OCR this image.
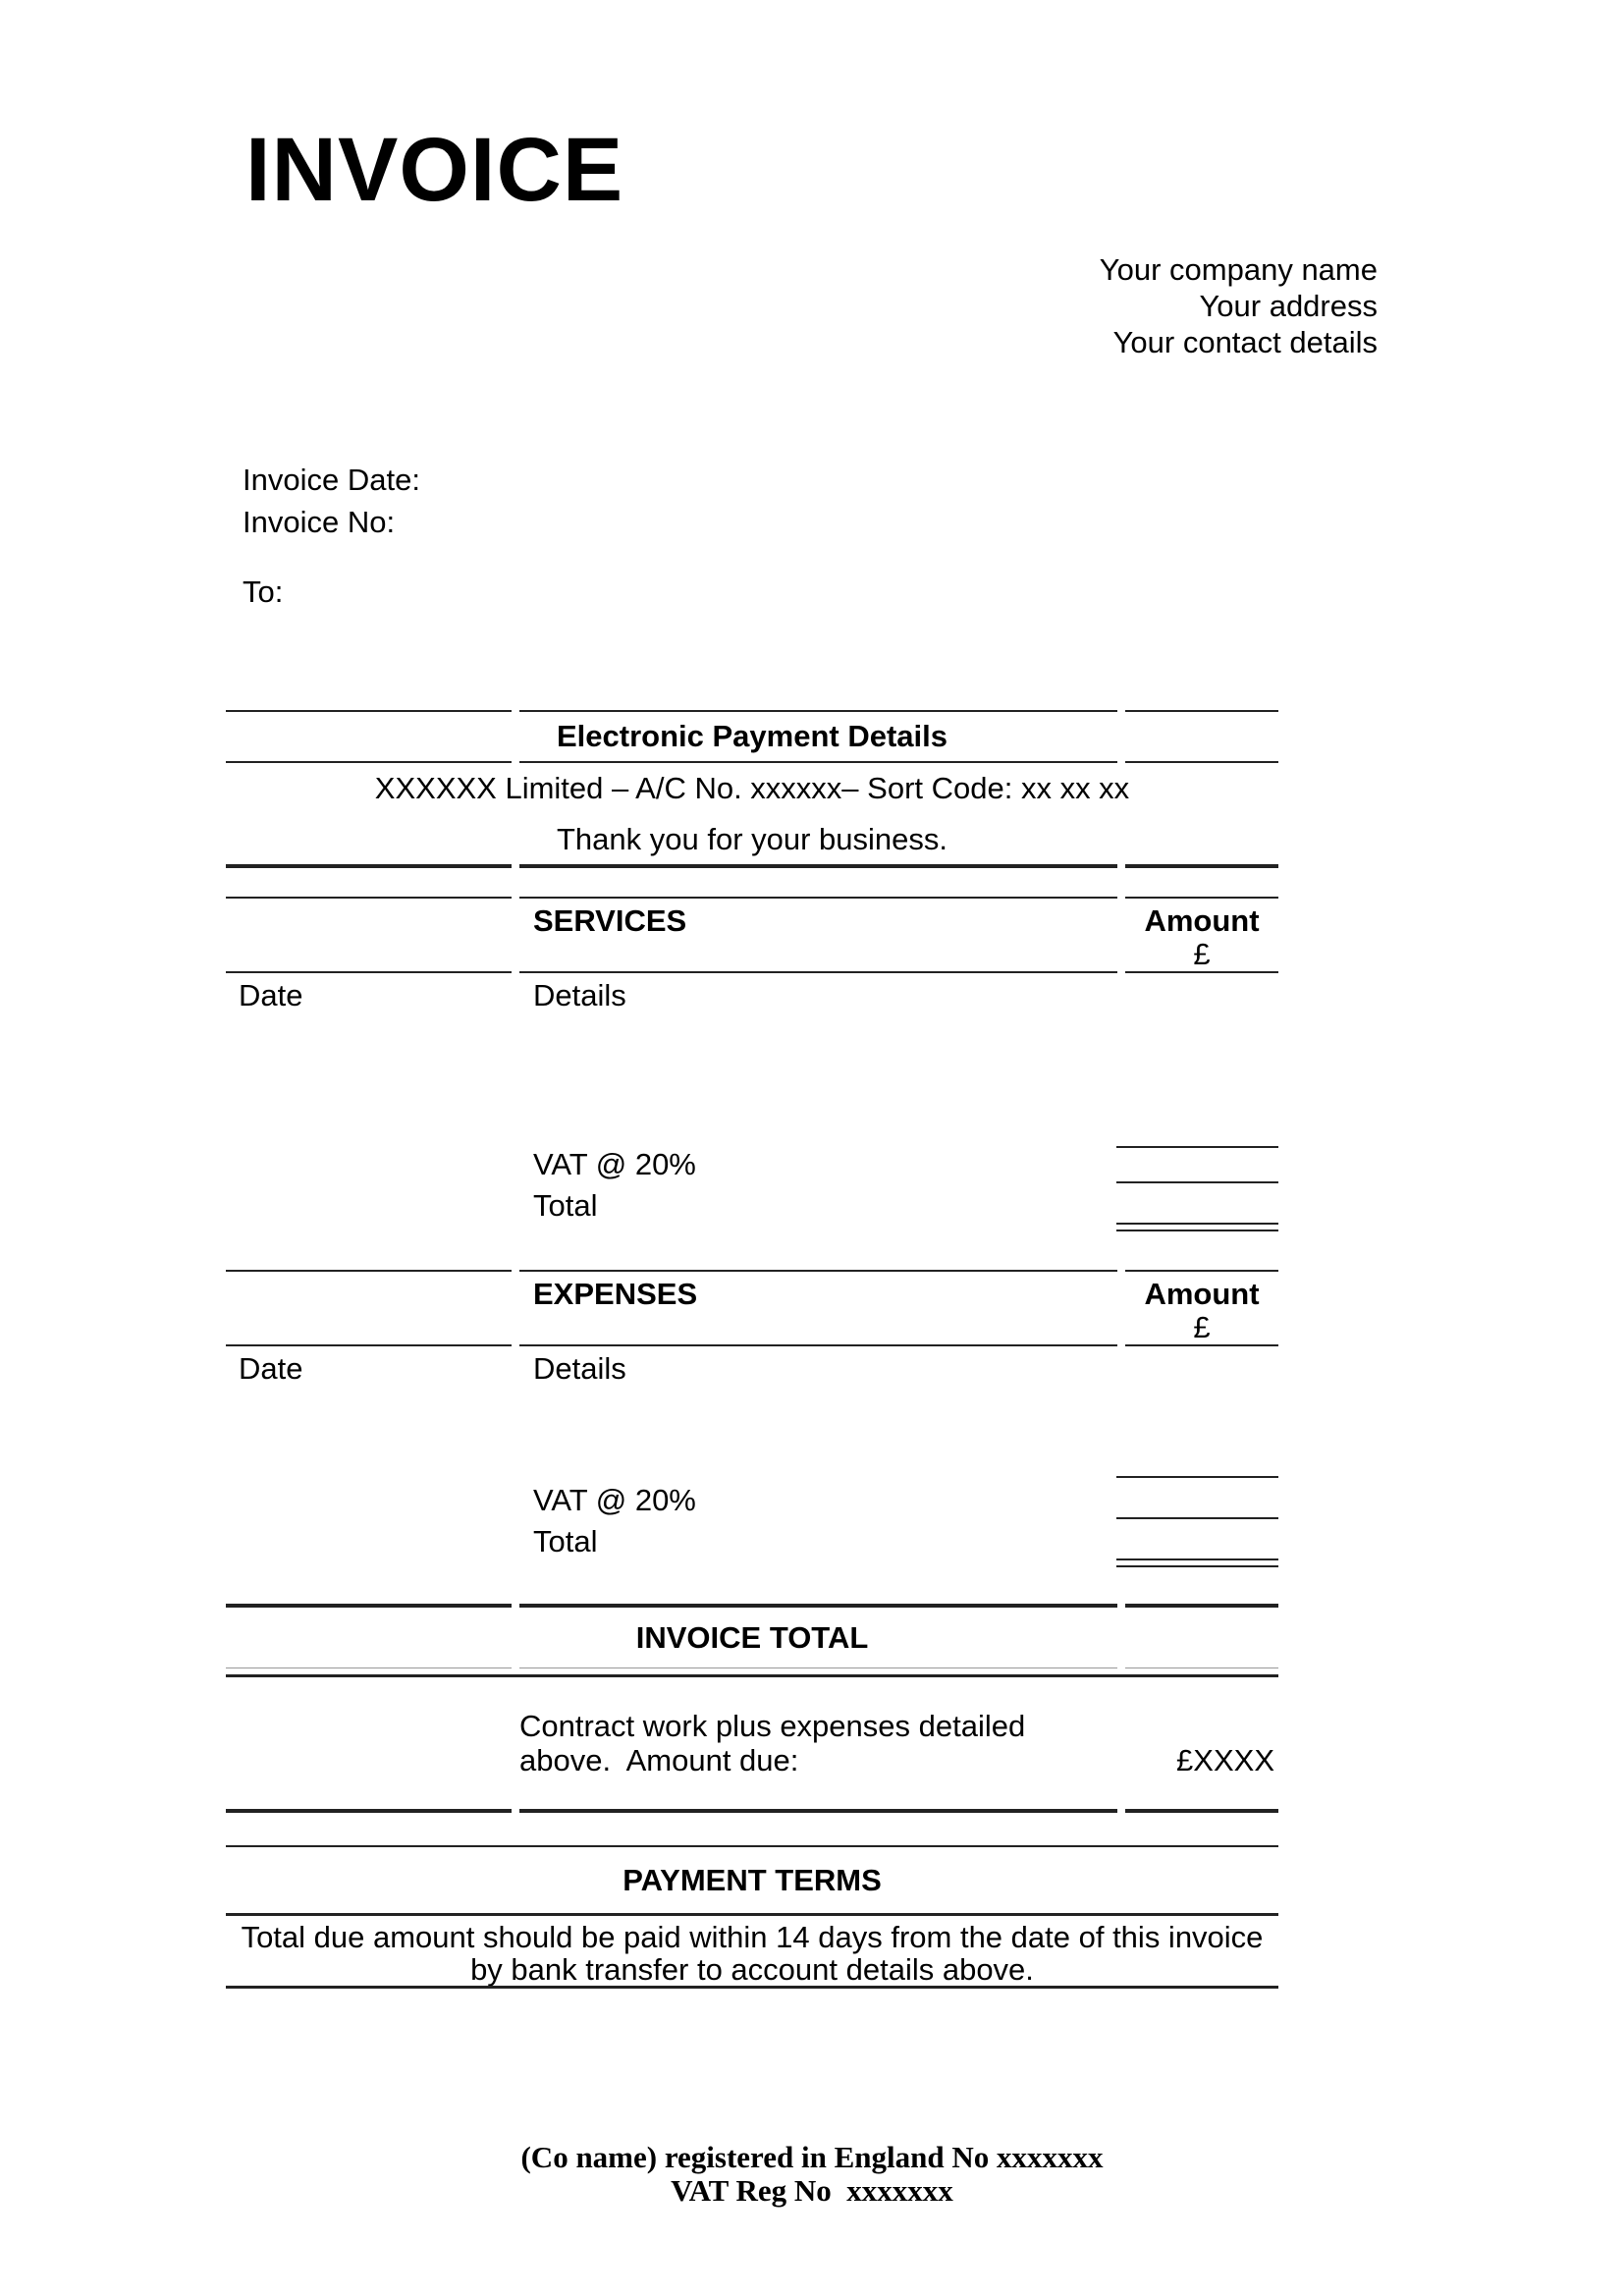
INVOICE
Your company name
Your address
Your contact details
Invoice Date:
Invoice No:
To:
Electronic Payment Details
XXXXXX Limited – A/C No. xxxxxx– Sort Code: xx xx xx
Thank you for your business.
SERVICES	Amount
£
Date	Details
VAT @ 20%
Total
EXPENSES	Amount
£
Date	Details
VAT @ 20%
Total
INVOICE TOTAL
Contract work plus expenses detailed
above.  Amount due:	£XXXX
PAYMENT TERMS
Total due amount should be paid within 14 days from the date of this invoice
by bank transfer to account details above.
(Co name) registered in England No xxxxxxx
VAT Reg No  xxxxxxx
